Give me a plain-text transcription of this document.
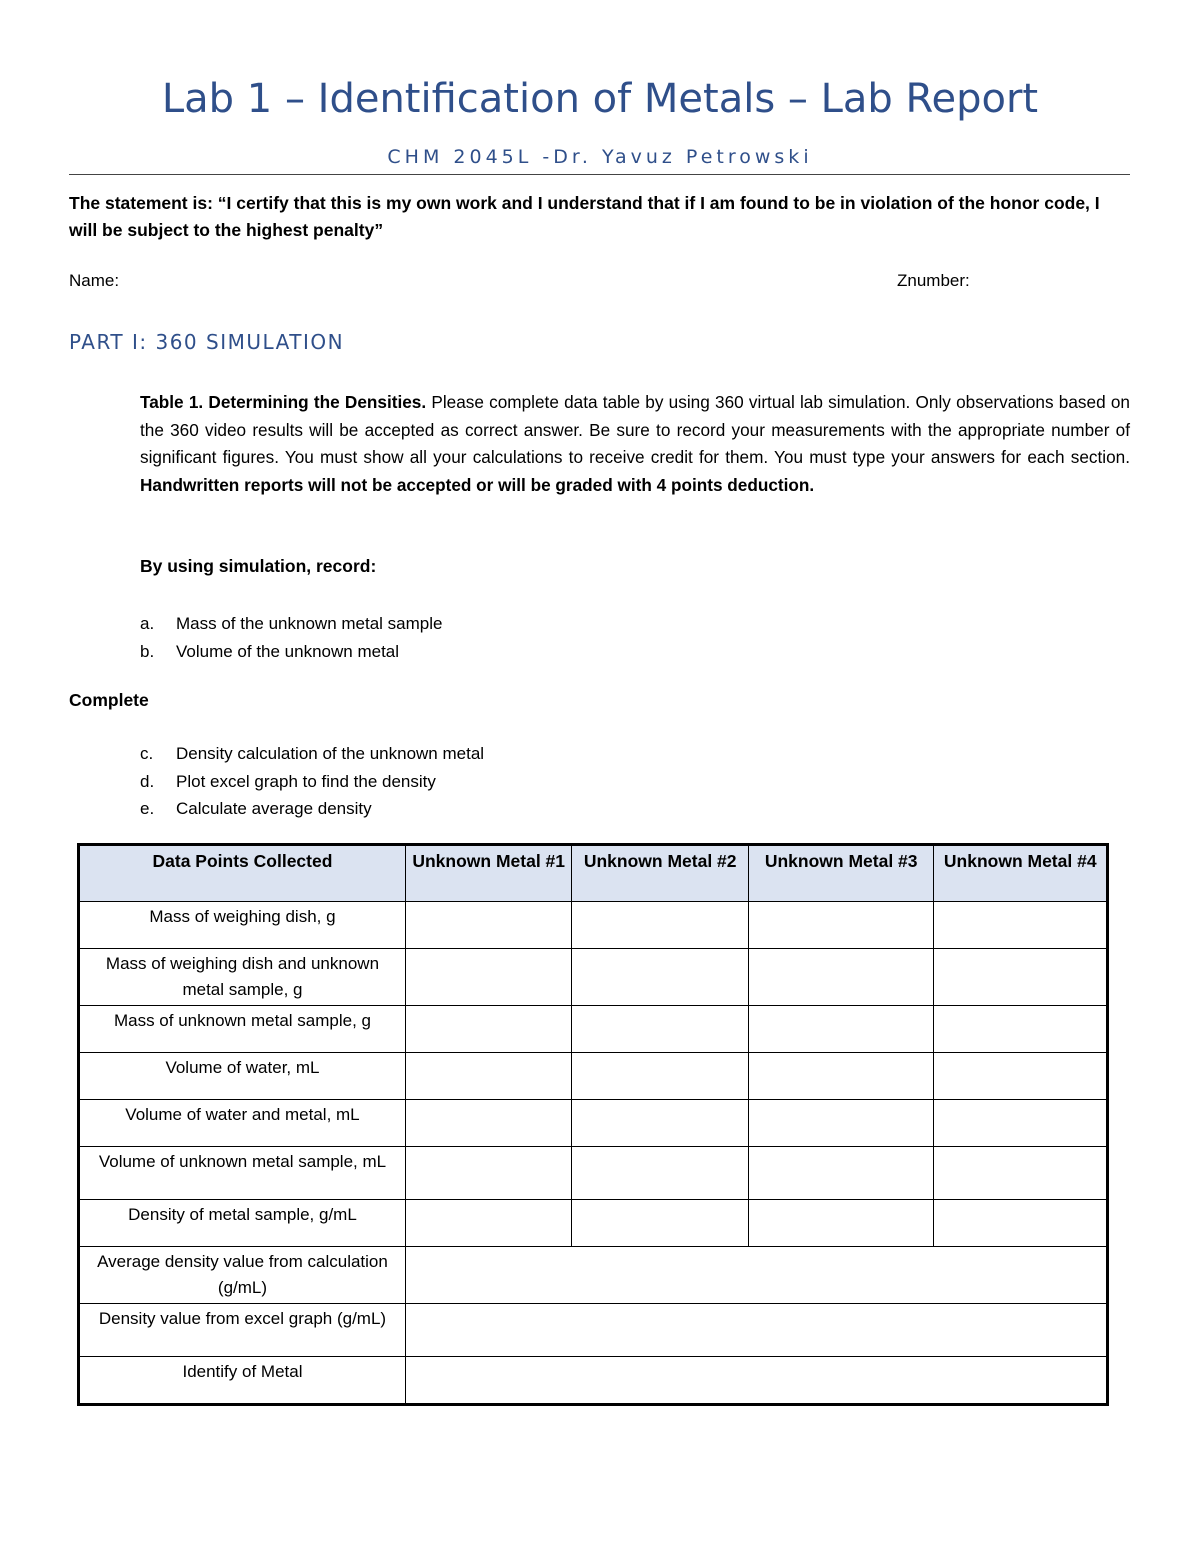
Lab 1 – Identification of Metals – Lab Report
CHM 2045L -Dr. Yavuz Petrowski
The statement is: “I certify that this is my own work and I understand that if I am found to be in violation of the honor code, I will be subject to the highest penalty”
Name:	Znumber:
PART I: 360 SIMULATION
Table 1. Determining the Densities. Please complete data table by using 360 virtual lab simulation. Only observations based on the 360 video results will be accepted as correct answer. Be sure to record your measurements with the appropriate number of significant figures. You must show all your calculations to receive credit for them. You must type your answers for each section. Handwritten reports will not be accepted or will be graded with 4 points deduction.
By using simulation, record:
a. Mass of the unknown metal sample
b. Volume of the unknown metal
Complete
c. Density calculation of the unknown metal
d. Plot excel graph to find the density
e. Calculate average density
Data Points Collected	Unknown Metal #1	Unknown Metal #2	Unknown Metal #3	Unknown Metal #4
Mass of weighing dish, g				
Mass of weighing dish and unknown metal sample, g				
Mass of unknown metal sample, g				
Volume of water, mL				
Volume of water and metal, mL				
Volume of unknown metal sample, mL				
Density of metal sample, g/mL				
Average density value from calculation (g/mL)				
Density value from excel graph (g/mL)				
Identify of Metal				
